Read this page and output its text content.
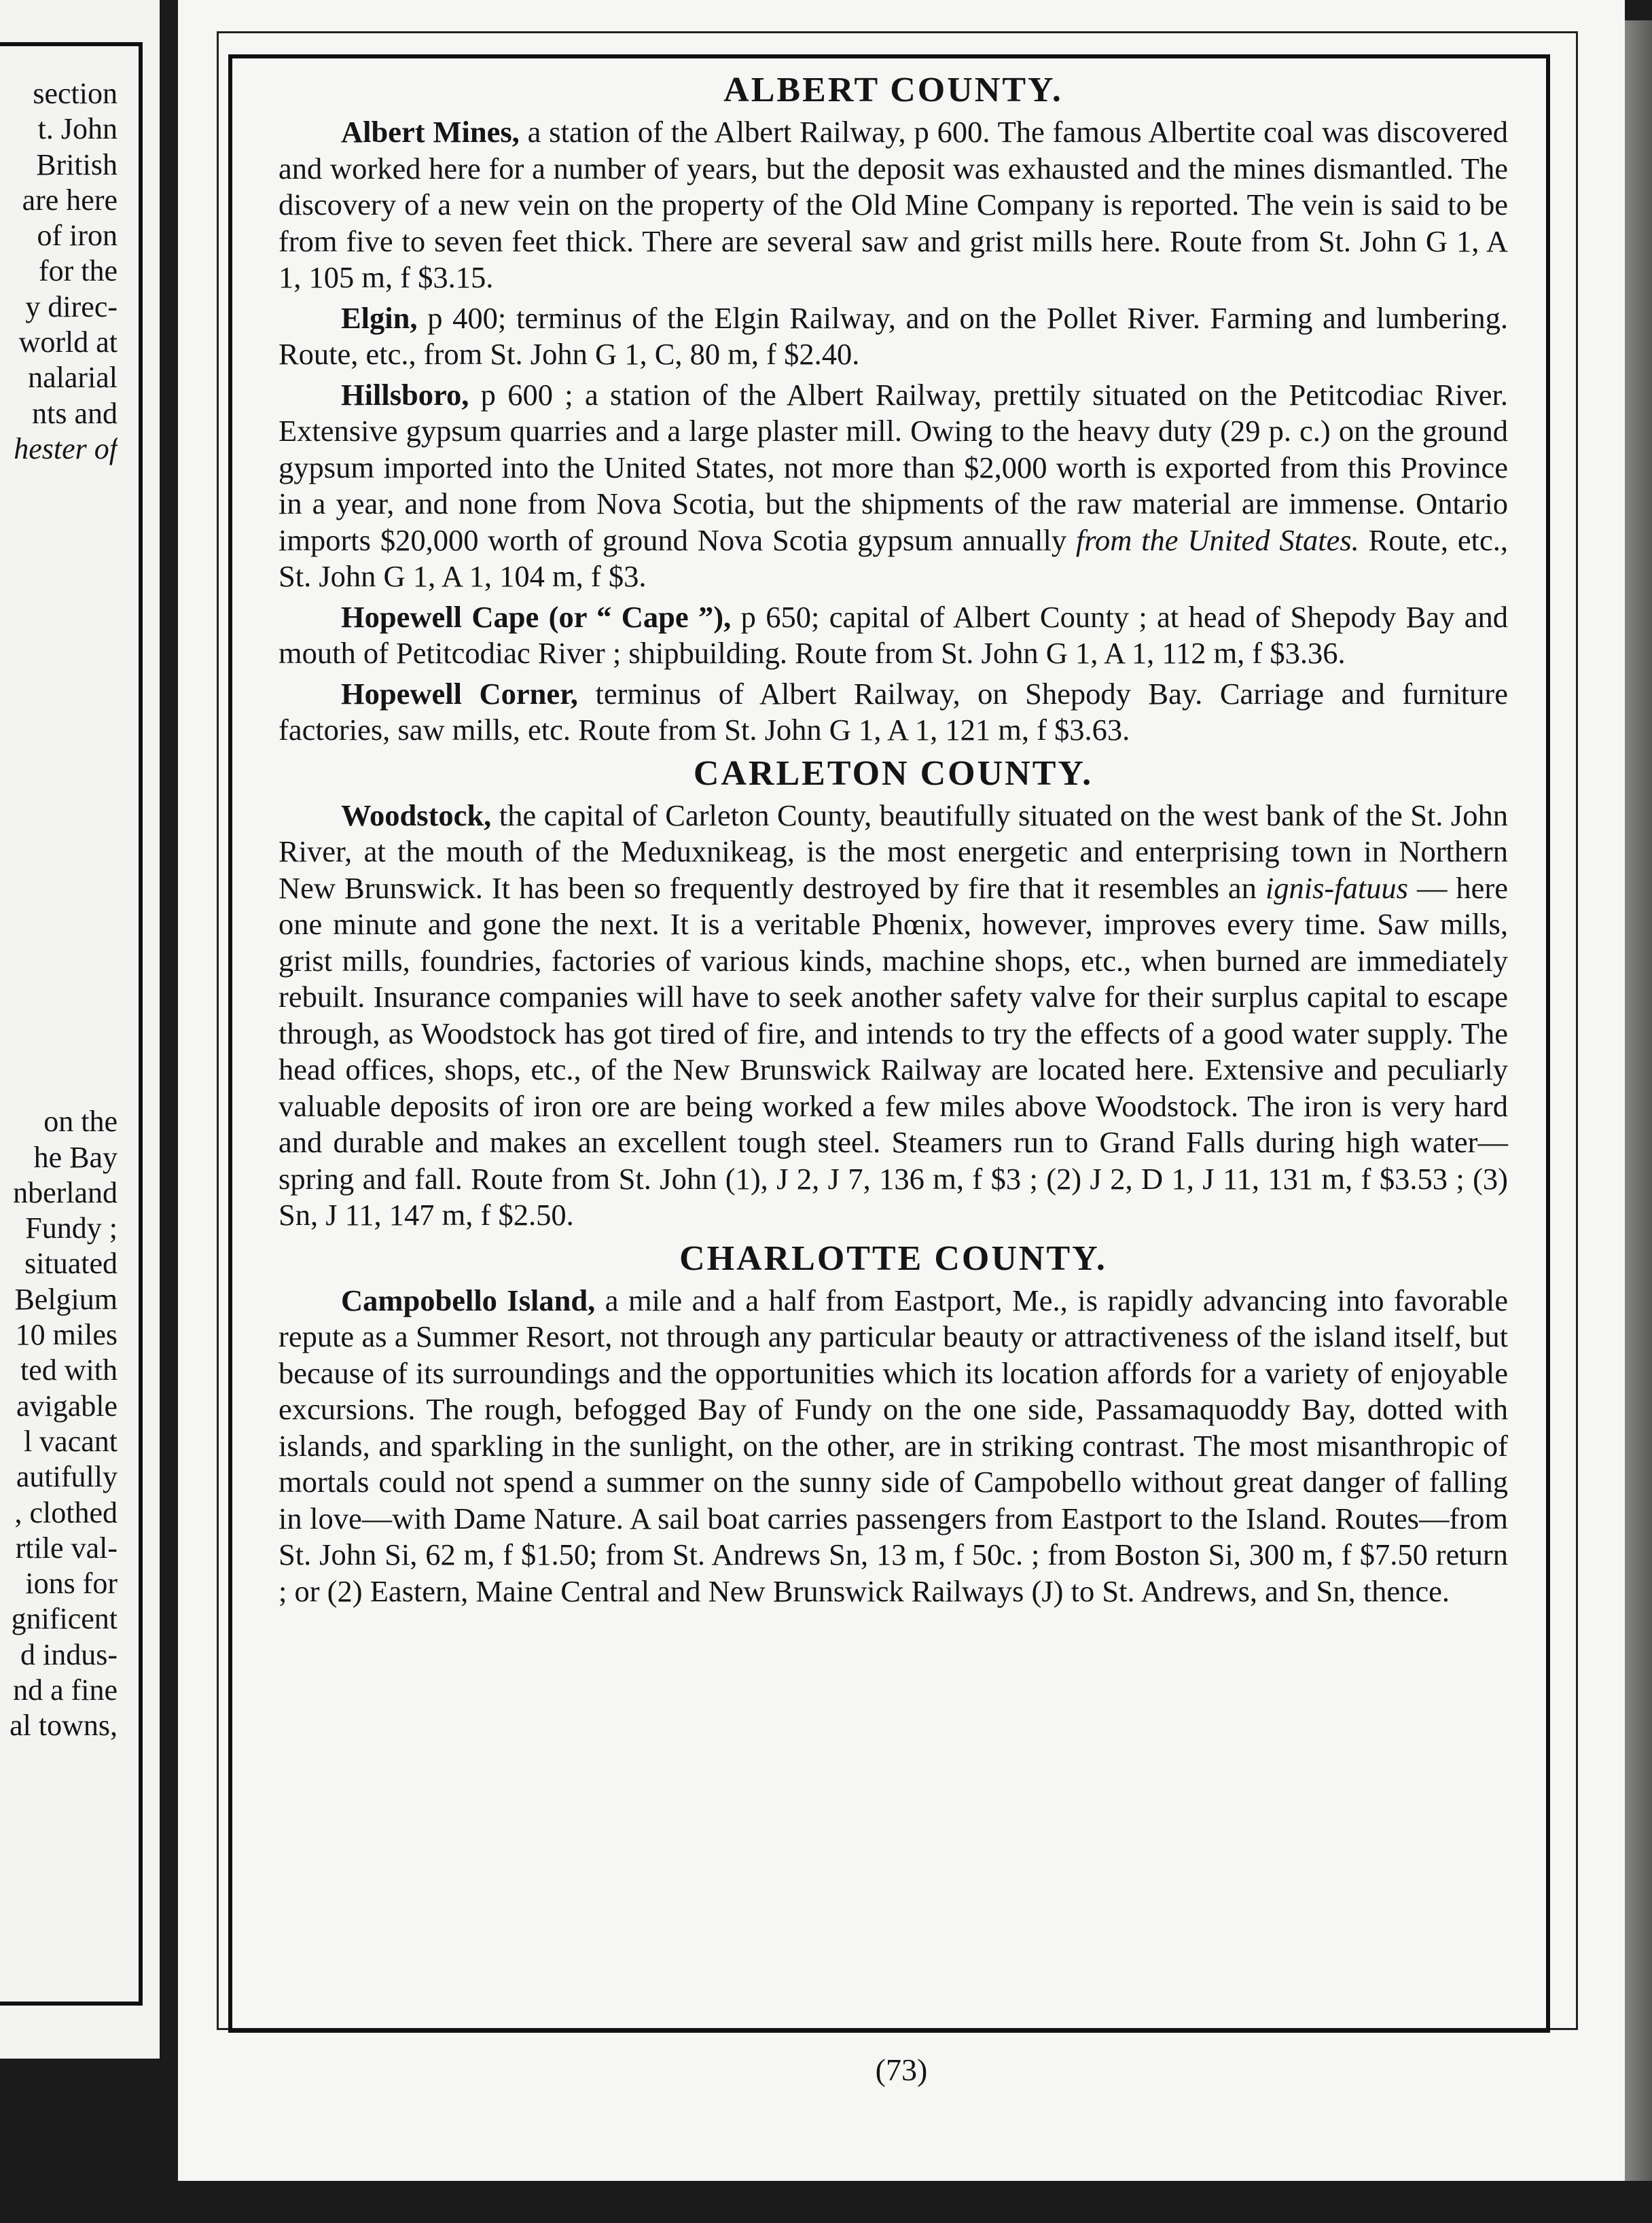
section
t. John
British
are here
of iron
for the
y direc-
world at
nalarial
nts and
hester of
on the
he Bay
nberland
Fundy ;
situated
Belgium
10 miles
ted with
avigable
l vacant
autifully
, clothed
rtile val-
ions for
gnificent
d indus-
nd a fine
al towns,
ALBERT COUNTY.

Albert Mines, a station of the Albert Railway, p 600. The famous Albertite coal was discovered and worked here for a number of years, but the deposit was exhausted and the mines dismantled. The discovery of a new vein on the property of the Old Mine Company is reported. The vein is said to be from five to seven feet thick. There are several saw and grist mills here. Route from St. John G 1, A 1, 105 m, f $3.15.

Elgin, p 400; terminus of the Elgin Railway, and on the Pollet River. Farming and lumbering. Route, etc., from St. John G 1, C, 80 m, f $2.40.

Hillsboro, p 600 ; a station of the Albert Railway, prettily situated on the Petitcodiac River. Extensive gypsum quarries and a large plaster mill. Owing to the heavy duty (29 p. c.) on the ground gypsum imported into the United States, not more than $2,000 worth is exported from this Province in a year, and none from Nova Scotia, but the shipments of the raw material are immense. Ontario imports $20,000 worth of ground Nova Scotia gypsum annually from the United States. Route, etc., St. John G 1, A 1, 104 m, f $3.

Hopewell Cape (or “ Cape ”), p 650; capital of Albert County ; at head of Shepody Bay and mouth of Petitcodiac River ; shipbuilding. Route from St. John G 1, A 1, 112 m, f $3.36.

Hopewell Corner, terminus of Albert Railway, on Shepody Bay. Carriage and furniture factories, saw mills, etc. Route from St. John G 1, A 1, 121 m, f $3.63.

CARLETON COUNTY.

Woodstock, the capital of Carleton County, beautifully situated on the west bank of the St. John River, at the mouth of the Meduxnikeag, is the most energetic and enterprising town in Northern New Brunswick. It has been so frequently destroyed by fire that it resembles an ignis-fatuus — here one minute and gone the next. It is a veritable Phœnix, however, improves every time. Saw mills, grist mills, foundries, factories of various kinds, machine shops, etc., when burned are immediately rebuilt. Insurance companies will have to seek another safety valve for their surplus capital to escape through, as Woodstock has got tired of fire, and intends to try the effects of a good water supply. The head offices, shops, etc., of the New Brunswick Railway are located here. Extensive and peculiarly valuable deposits of iron ore are being worked a few miles above Woodstock. The iron is very hard and durable and makes an excellent tough steel. Steamers run to Grand Falls during high water—spring and fall. Route from St. John (1), J 2, J 7, 136 m, f $3 ; (2) J 2, D 1, J 11, 131 m, f $3.53 ; (3) Sn, J 11, 147 m, f $2.50.

CHARLOTTE COUNTY.

Campobello Island, a mile and a half from Eastport, Me., is rapidly advancing into favorable repute as a Summer Resort, not through any particular beauty or attractiveness of the island itself, but because of its surroundings and the opportunities which its location affords for a variety of enjoyable excursions. The rough, befogged Bay of Fundy on the one side, Passamaquoddy Bay, dotted with islands, and sparkling in the sunlight, on the other, are in striking contrast. The most misanthropic of mortals could not spend a summer on the sunny side of Campobello without great danger of falling in love—with Dame Nature. A sail boat carries passengers from Eastport to the Island. Routes—from St. John Si, 62 m, f $1.50; from St. Andrews Sn, 13 m, f 50c. ; from Boston Si, 300 m, f $7.50 return ; or (2) Eastern, Maine Central and New Brunswick Railways (J) to St. Andrews, and Sn, thence.

(73)
